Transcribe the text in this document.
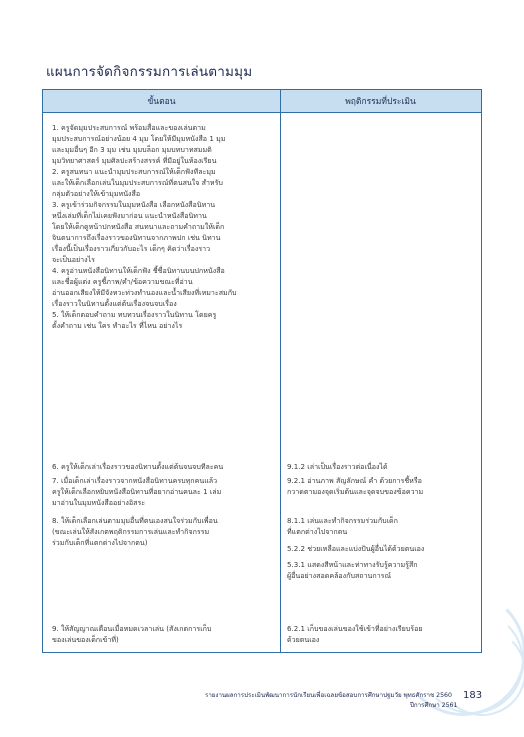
แผนการจัดกิจกรรมการเล่นตามมุม
ขั้นตอน	พฤติกรรมที่ประเมิน
1. ครูจัดมุมประสบการณ์ พร้อมสื่อและของเล่นตาม
มุมประสบการณ์อย่างน้อย 4 มุม โดยให้มีมุมหนังสือ 1 มุม
และมุมอื่นๆ อีก 3 มุม เช่น มุมบล็อก มุมบทบาทสมมติ
มุมวิทยาศาสตร์ มุมศิลปะสร้างสรรค์ ที่มีอยู่ในห้องเรียน
2. ครูสนทนา แนะนำมุมประสบการณ์ให้เด็กฟังทีละมุม
และให้เด็กเลือกเล่นในมุมประสบการณ์ที่ตนสนใจ สำหรับ
กลุ่มตัวอย่างให้เข้ามุมหนังสือ
3. ครูเข้าร่วมกิจกรรมในมุมหนังสือ เลือกหนังสือนิทาน
หนึ่งเล่มที่เด็กไม่เคยฟังมาก่อน แนะนำหนังสือนิทาน
โดยให้เด็กดูหน้าปกหนังสือ สนทนาและถามคำถามให้เด็ก
จินตนาการถึงเรื่องราวของนิทานจากภาพปก เช่น นิทาน
เรื่องนี้เป็นเรื่องราวเกี่ยวกับอะไร เด็กๆ คิดว่าเรื่องราว
จะเป็นอย่างไร
4. ครูอ่านหนังสือนิทานให้เด็กฟัง ชี้ชื่อนิทานบนปกหนังสือ
และชื่อผู้แต่ง ครูชี้ภาพ/คำ/ข้อความขณะที่อ่าน
อ่านออกเสียงให้มีจังหวะท่วงทำนองและน้ำเสียงที่เหมาะสมกับ
เรื่องราวในนิทานตั้งแต่ต้นเรื่องจนจบเรื่อง
5. ให้เด็กตอบคำถาม ทบทวนเรื่องราวในนิทาน โดยครู
ตั้งคำถาม เช่น ใคร ทำอะไร ที่ไหน อย่างไร
6. ครูให้เด็กเล่าเรื่องราวของนิทานตั้งแต่ต้นจนจบทีละคน
7. เมื่อเด็กเล่าเรื่องราวจากหนังสือนิทานครบทุกคนแล้ว
ครูให้เด็กเลือกหยิบหนังสือนิทานที่อยากอ่านคนละ 1 เล่ม
มาอ่านในมุมหนังสืออย่างอิสระ
8. ให้เด็กเลือกเล่นตามมุมอื่นที่ตนเองสนใจร่วมกับเพื่อน
(ขณะเล่นให้สังเกตพฤติกรรมการเล่นและทำกิจกรรม
ร่วมกับเด็กที่แตกต่างไปจากตน)
9. ให้สัญญาณเตือนเมื่อหมดเวลาเล่น (สังเกตการเก็บ
ของเล่นของเด็กเข้าที่)
9.1.2 เล่าเป็นเรื่องราวต่อเนื่องได้
9.2.1 อ่านภาพ สัญลักษณ์ คำ ด้วยการชี้หรือ
กวาดตามองจุดเริ่มต้นและจุดจบของข้อความ
8.1.1 เล่นและทำกิจกรรมร่วมกับเด็ก
ที่แตกต่างไปจากตน
5.2.2 ช่วยเหลือและแบ่งปันผู้อื่นได้ด้วยตนเอง
5.3.1 แสดงสีหน้าและท่าทางรับรู้ความรู้สึก
ผู้อื่นอย่างสอดคล้องกับสถานการณ์
6.2.1 เก็บของเล่นของใช้เข้าที่อย่างเรียบร้อย
ด้วยตนเอง
รายงานผลการประเมินพัฒนาการนักเรียนเพื่อเฉลยข้อสอบการศึกษาปฐมวัย พุทธศักราช 2560
ปีการศึกษา 2561
183
